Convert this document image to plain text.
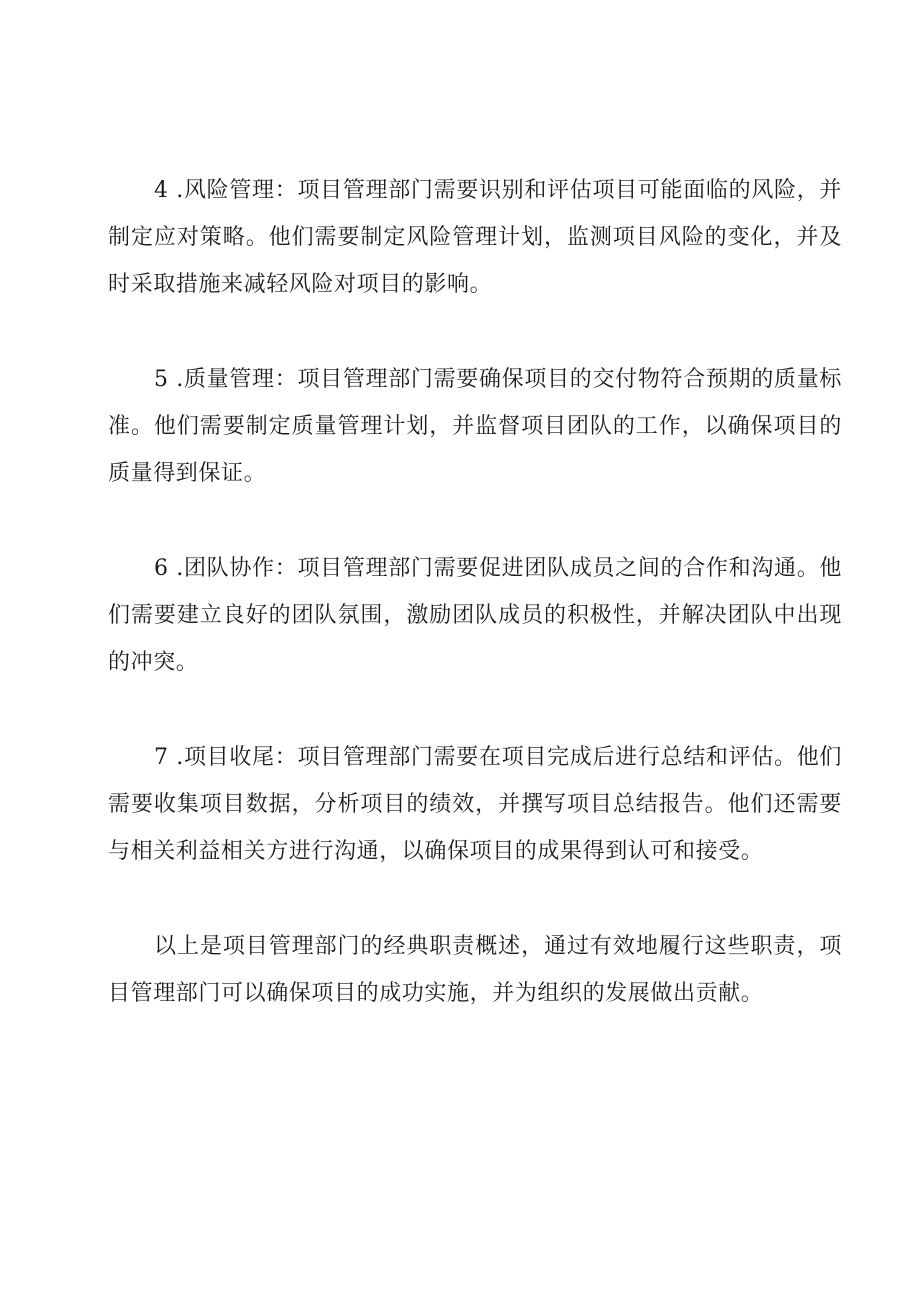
4 .风险管理：项目管理部门需要识别和评估项目可能面临的风险，并制定应对策略。他们需要制定风险管理计划，监测项目风险的变化，并及时采取措施来减轻风险对项目的影响。

5 .质量管理：项目管理部门需要确保项目的交付物符合预期的质量标准。他们需要制定质量管理计划，并监督项目团队的工作，以确保项目的质量得到保证。

6 .团队协作：项目管理部门需要促进团队成员之间的合作和沟通。他们需要建立良好的团队氛围，激励团队成员的积极性，并解决团队中出现的冲突。

7 .项目收尾：项目管理部门需要在项目完成后进行总结和评估。他们需要收集项目数据，分析项目的绩效，并撰写项目总结报告。他们还需要与相关利益相关方进行沟通，以确保项目的成果得到认可和接受。

以上是项目管理部门的经典职责概述，通过有效地履行这些职责，项目管理部门可以确保项目的成功实施，并为组织的发展做出贡献。
